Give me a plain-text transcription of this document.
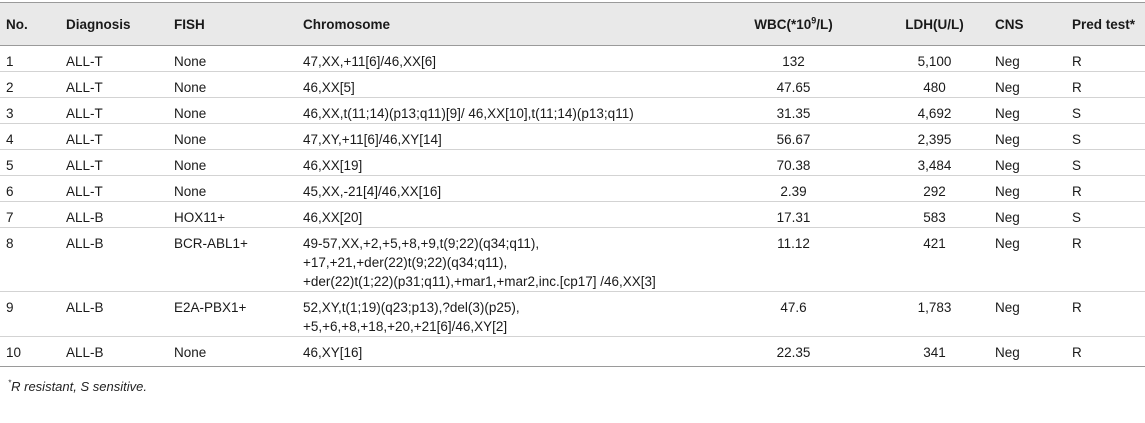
No.	Diagnosis	FISH	Chromosome	$WBC(*10^9/L)$	LDH(U/L)	CNS	Pred test*
1	ALL-T	None	47,XX,+11[6]/46,XX[6]	132	5,100	Neg	R
2	ALL-T	None	46,XX[5]	47.65	480	Neg	R
3	ALL-T	None	46,XX,t(11;14)(p13;q11)[9]/ 46,XX[10],t(11;14)(p13;q11)	31.35	4,692	Neg	S
4	ALL-T	None	47,XY,+11[6]/46,XY[14]	56.67	2,395	Neg	S
5	ALL-T	None	46,XX[19]	70.38	3,484	Neg	S
6	ALL-T	None	45,XX,-21[4]/46,XX[16]	2.39	292	Neg	R
7	ALL-B	HOX11+	46,XX[20]	17.31	583	Neg	S
8	ALL-B	BCR-ABL1+	49-57,XX,+2,+5,+8,+9,t(9;22)(q34;q11),
+17,+21,+der(22)t(9;22)(q34;q11),
+der(22)t(1;22)(p31;q11),+mar1,+mar2,inc.[cp17] /46,XX[3]	11.12	421	Neg	R
9	ALL-B	E2A-PBX1+	52,XY,t(1;19)(q23;p13),?del(3)(p25),
+5,+6,+8,+18,+20,+21[6]/46,XY[2]	47.6	1,783	Neg	R
10	ALL-B	None	46,XY[16]	22.35	341	Neg	R
*R resistant, S sensitive.
